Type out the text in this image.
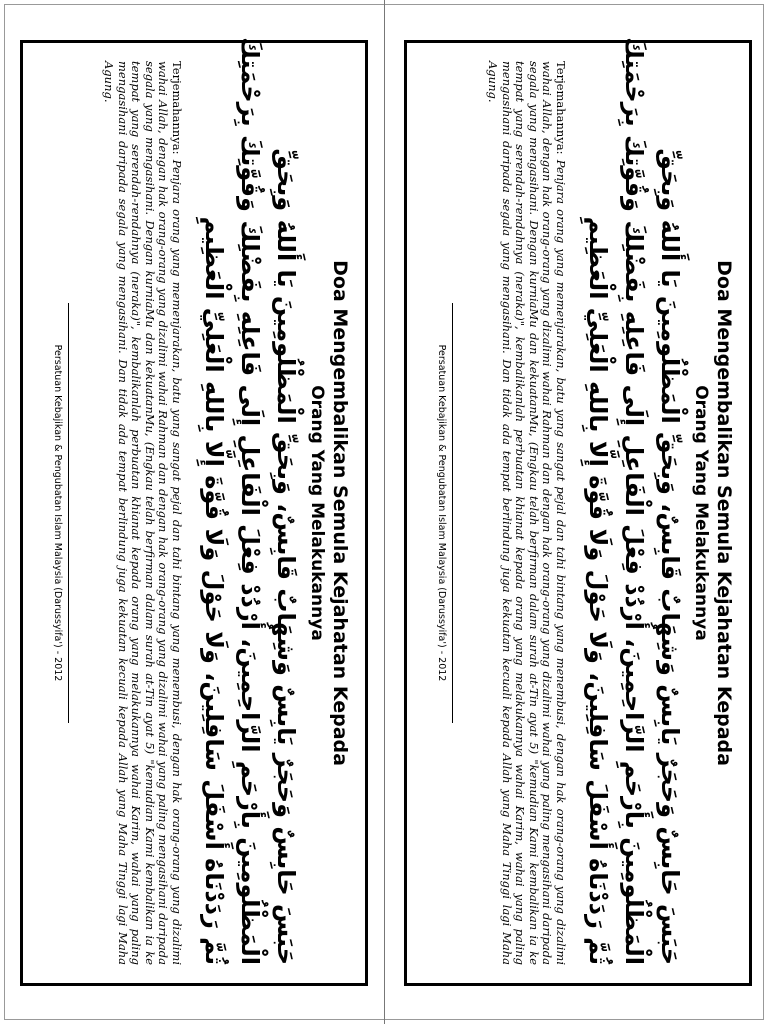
Doa Mengembalikan Semula Kejahatan Kepada
Orang Yang Melakukannya
حَبَسَ حَابِسٌ وَحَجَرٌ يَابِسٌ وَشِهَابٌ قَابِسٌ، وَبِحَقِّ الْمَظْلُومِينَ يَا أَللهُ وَبِحَقِّ
الْمَظْلُومِينَ بِأَرْحَمِ الرَّاحِمِينَ، أُرْدُدْ فِعْلَ الْفَاعِلِ إِلَى فَاعِلِهِ بِفَضْلِكَ وَقُوَّتِكَ بِرَحْمَتِكَ
ثُمَّ رَدَدْنَاهُ أَسْفَلَ سَافِلِينَ، وَلَا حَوْلَ وَلَا قُوَّةَ إِلَّا بِاللهِ الْعَلِيِّ الْعَظِيمِ
Terjemahannya: Penjara orang yang memenjarakan, batu yang sangat pejal dan tahi bintang yang menembusi, dengan hak orang-orang yang dizalimi wahai Allah, dengan hak orang-orang yang dizalimi wahai Rahman dan dengan hak orang-orang yang dizalimi wahai yang paling mengasihani daripada segala yang mengasihani. Dengan kurniaMu dan kekuatanMu, (Engkau telah berfirman dalam surah at-Tin ayat 5) "kemudian Kami kembalikan ia ke tempat yang serendah-rendahnya (neraka)", kembalikanlah perbuatan khianat kepada orang yang melakukannya wahai Karim, wahai yang paling mengasihani daripada segala yang mengasihani. Dan tidak ada tempat berlindung juga kekuatan kecuali kepada Allah yang Maha Tinggi lagi Maha Agung.
Persatuan Kebajikan & Pengubatan Islam Malaysia (Darussyifa') - 2012	Doa Mengembalikan Semula Kejahatan Kepada
Orang Yang Melakukannya
حَبَسَ حَابِسٌ وَحَجَرٌ يَابِسٌ وَشِهَابٌ قَابِسٌ، وَبِحَقِّ الْمَظْلُومِينَ يَا أَللهُ وَبِحَقِّ
الْمَظْلُومِينَ بِأَرْحَمِ الرَّاحِمِينَ، أُرْدُدْ فِعْلَ الْفَاعِلِ إِلَى فَاعِلِهِ بِفَضْلِكَ وَقُوَّتِكَ بِرَحْمَتِكَ
ثُمَّ رَدَدْنَاهُ أَسْفَلَ سَافِلِينَ، وَلَا حَوْلَ وَلَا قُوَّةَ إِلَّا بِاللهِ الْعَلِيِّ الْعَظِيمِ
Terjemahannya: Penjara orang yang memenjarakan, batu yang sangat pejal dan tahi bintang yang menembusi, dengan hak orang-orang yang dizalimi wahai Allah, dengan hak orang-orang yang dizalimi wahai Rahman dan dengan hak orang-orang yang dizalimi wahai yang paling mengasihani daripada segala yang mengasihani. Dengan kurniaMu dan kekuatanMu, (Engkau telah berfirman dalam surah at-Tin ayat 5) "kemudian Kami kembalikan ia ke tempat yang serendah-rendahnya (neraka)", kembalikanlah perbuatan khianat kepada orang yang melakukannya wahai Karim, wahai yang paling mengasihani daripada segala yang mengasihani. Dan tidak ada tempat berlindung juga kekuatan kecuali kepada Allah yang Maha Tinggi lagi Maha Agung.
Persatuan Kebajikan & Pengubatan Islam Malaysia (Darussyifa') - 2012
